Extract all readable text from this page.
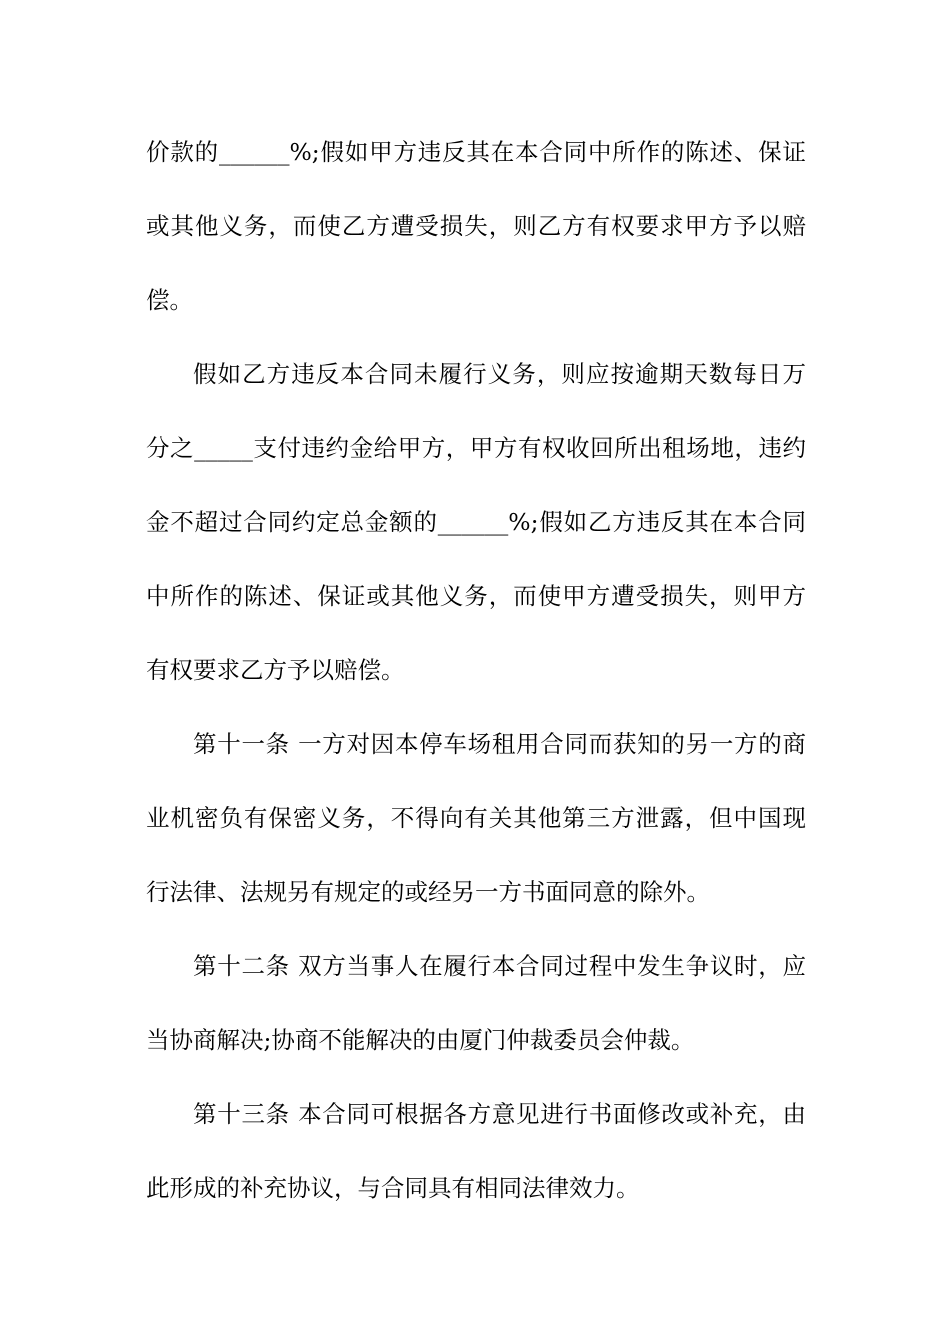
价款的______%;假如甲方违反其在本合同中所作的陈述、保证
或其他义务，而使乙方遭受损失，则乙方有权要求甲方予以赔
偿。
假如乙方违反本合同未履行义务，则应按逾期天数每日万
分之_____支付违约金给甲方，甲方有权收回所出租场地，违约
金不超过合同约定总金额的______%;假如乙方违反其在本合同
中所作的陈述、保证或其他义务，而使甲方遭受损失，则甲方
有权要求乙方予以赔偿。
第十一条 一方对因本停车场租用合同而获知的另一方的商
业机密负有保密义务，不得向有关其他第三方泄露，但中国现
行法律、法规另有规定的或经另一方书面同意的除外。
第十二条 双方当事人在履行本合同过程中发生争议时，应
当协商解决;协商不能解决的由厦门仲裁委员会仲裁。
第十三条 本合同可根据各方意见进行书面修改或补充，由
此形成的补充协议，与合同具有相同法律效力。
